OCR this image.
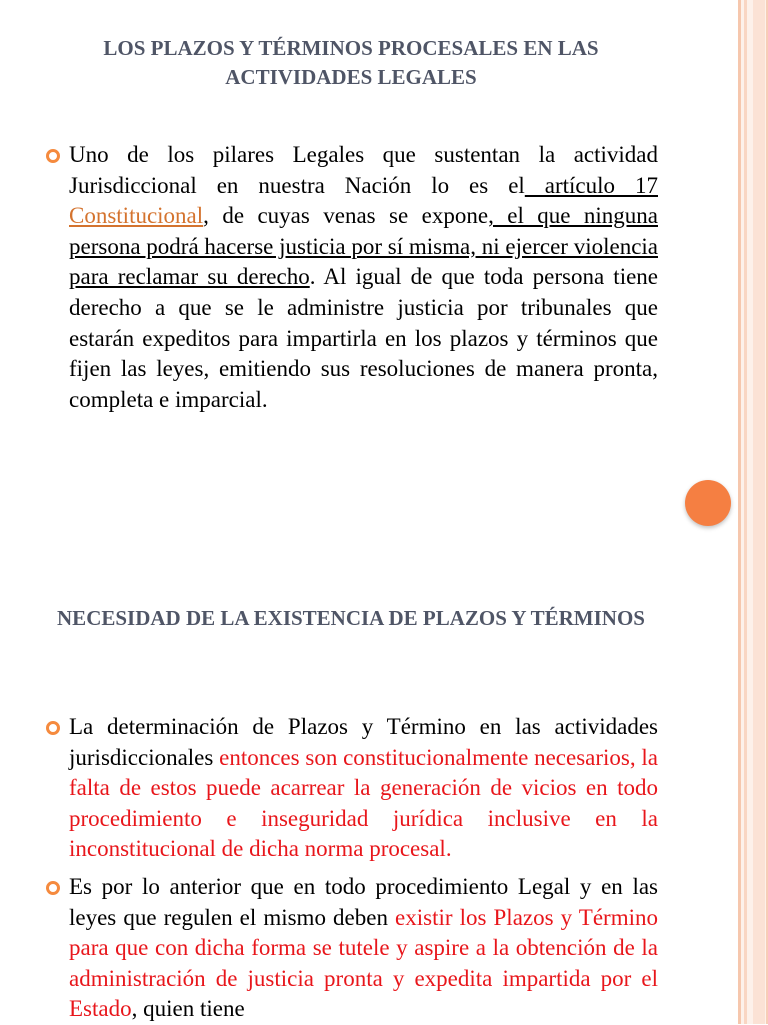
LOS PLAZOS Y TÉRMINOS PROCESALES EN LAS ACTIVIDADES LEGALES
Uno de los pilares Legales que sustentan la actividad Jurisdiccional en nuestra Nación lo es el artículo 17 Constitucional, de cuyas venas se expone, el que ninguna persona podrá hacerse justicia por sí misma, ni ejercer violencia para reclamar su derecho. Al igual de que toda persona tiene derecho a que se le administre justicia por tribunales que estarán expeditos para impartirla en los plazos y términos que fijen las leyes, emitiendo sus resoluciones de manera pronta, completa e imparcial.
NECESIDAD DE LA EXISTENCIA DE PLAZOS Y TÉRMINOS
La determinación de Plazos y Término en las actividades jurisdiccionales entonces son constitucionalmente necesarios, la falta de estos puede acarrear la generación de vicios en todo procedimiento e inseguridad jurídica inclusive en la inconstitucional de dicha norma procesal.
Es por lo anterior que en todo procedimiento Legal y en las leyes que regulen el mismo deben existir los Plazos y Término para que con dicha forma se tutele y aspire a la obtención de la administración de justicia pronta y expedita impartida por el Estado, quien tiene
